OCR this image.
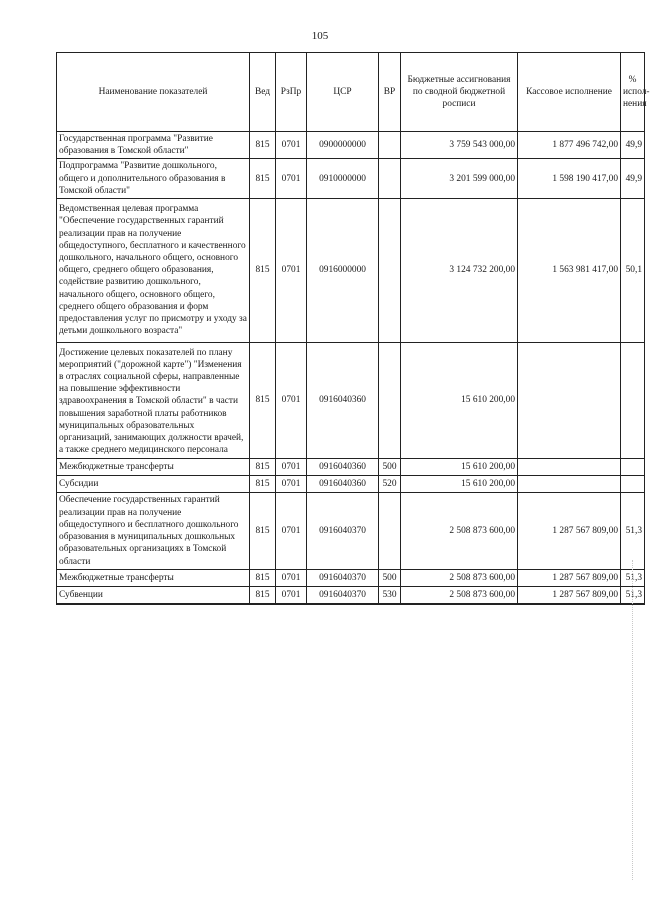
105
Наименование показателей	Вед	РзПр	ЦСР	ВР	Бюджетные ассигнования по сводной бюджетной росписи	Кассовое исполнение	% испол-нения
Государственная программа "Развитие образования в Томской области"	815	0701	0900000000		3 759 543 000,00	1 877 496 742,00	49,9
Подпрограмма "Развитие дошкольного, общего и дополнительного образования в Томской области"	815	0701	0910000000		3 201 599 000,00	1 598 190 417,00	49,9
Ведомственная целевая программа "Обеспечение государственных гарантий реализации прав на получение общедоступного, бесплатного и качественного дошкольного, начального общего, основного общего, среднего общего образования, содействие развитию дошкольного, начального общего, основного общего, среднего общего образования и форм предоставления услуг по присмотру и уходу за детьми дошкольного возраста"	815	0701	0916000000		3 124 732 200,00	1 563 981 417,00	50,1
Достижение целевых показателей по плану мероприятий ("дорожной карте") "Изменения в отраслях социальной сферы, направленные на повышение эффективности здравоохранения в Томской области" в части повышения заработной платы работников муниципальных образовательных организаций, занимающих должности врачей, а также среднего медицинского персонала	815	0701	0916040360		15 610 200,00		
Межбюджетные трансферты	815	0701	0916040360	500	15 610 200,00		
Субсидии	815	0701	0916040360	520	15 610 200,00		
Обеспечение государственных гарантий реализации прав на получение общедоступного и бесплатного дошкольного образования в муниципальных дошкольных образовательных организациях в Томской области	815	0701	0916040370		2 508 873 600,00	1 287 567 809,00	51,3
Межбюджетные трансферты	815	0701	0916040370	500	2 508 873 600,00	1 287 567 809,00	51,3
Субвенции	815	0701	0916040370	530	2 508 873 600,00	1 287 567 809,00	51,3
